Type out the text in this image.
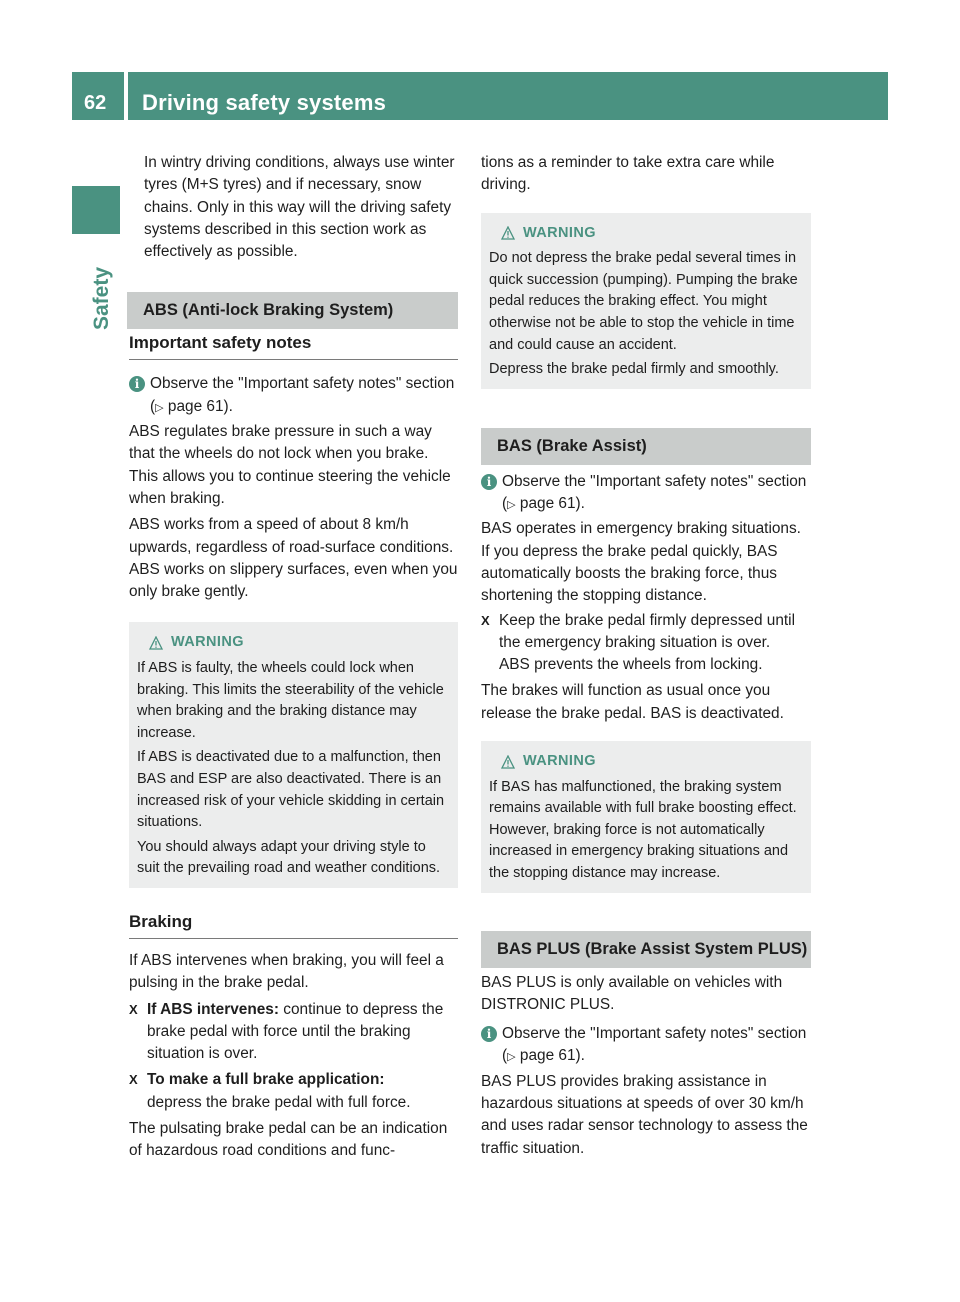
62 Driving safety systems
Safety

In wintry driving conditions, always use winter tyres (M+S tyres) and if necessary, snow chains. Only in this way will the driving safety systems described in this section work as effectively as possible.

ABS (Anti-lock Braking System)
Important safety notes
i Observe the "Important safety notes" section (▷ page 61).

ABS regulates brake pressure in such a way that the wheels do not lock when you brake. This allows you to continue steering the vehicle when braking.

ABS works from a speed of about 8 km/h upwards, regardless of road-surface conditions. ABS works on slippery surfaces, even when you only brake gently.

WARNING

If ABS is faulty, the wheels could lock when braking. This limits the steerability of the vehicle when braking and the braking distance may increase.

If ABS is deactivated due to a malfunction, then BAS and ESP are also deactivated. There is an increased risk of your vehicle skidding in certain situations.

You should always adapt your driving style to suit the prevailing road and weather conditions.

Braking

If ABS intervenes when braking, you will feel a pulsing in the brake pedal.

X If ABS intervenes: continue to depress the brake pedal with force until the braking situation is over.

X To make a full brake application:
depress the brake pedal with full force.

The pulsating brake pedal can be an indication of hazardous road conditions and func-

tions as a reminder to take extra care while driving.

WARNING

Do not depress the brake pedal several times in quick succession (pumping). Pumping the brake pedal reduces the braking effect. You might otherwise not be able to stop the vehicle in time and could cause an accident.

Depress the brake pedal firmly and smoothly.

BAS (Brake Assist)
i Observe the "Important safety notes" section (▷ page 61).

BAS operates in emergency braking situations. If you depress the brake pedal quickly, BAS automatically boosts the braking force, thus shortening the stopping distance.

X Keep the brake pedal firmly depressed until the emergency braking situation is over.
ABS prevents the wheels from locking.

The brakes will function as usual once you release the brake pedal. BAS is deactivated.

WARNING

If BAS has malfunctioned, the braking system remains available with full brake boosting effect. However, braking force is not automatically increased in emergency braking situations and the stopping distance may increase.

BAS PLUS (Brake Assist System PLUS)

BAS PLUS is only available on vehicles with DISTRONIC PLUS.

i Observe the "Important safety notes" section (▷ page 61).

BAS PLUS provides braking assistance in hazardous situations at speeds of over 30 km/h and uses radar sensor technology to assess the traffic situation.
